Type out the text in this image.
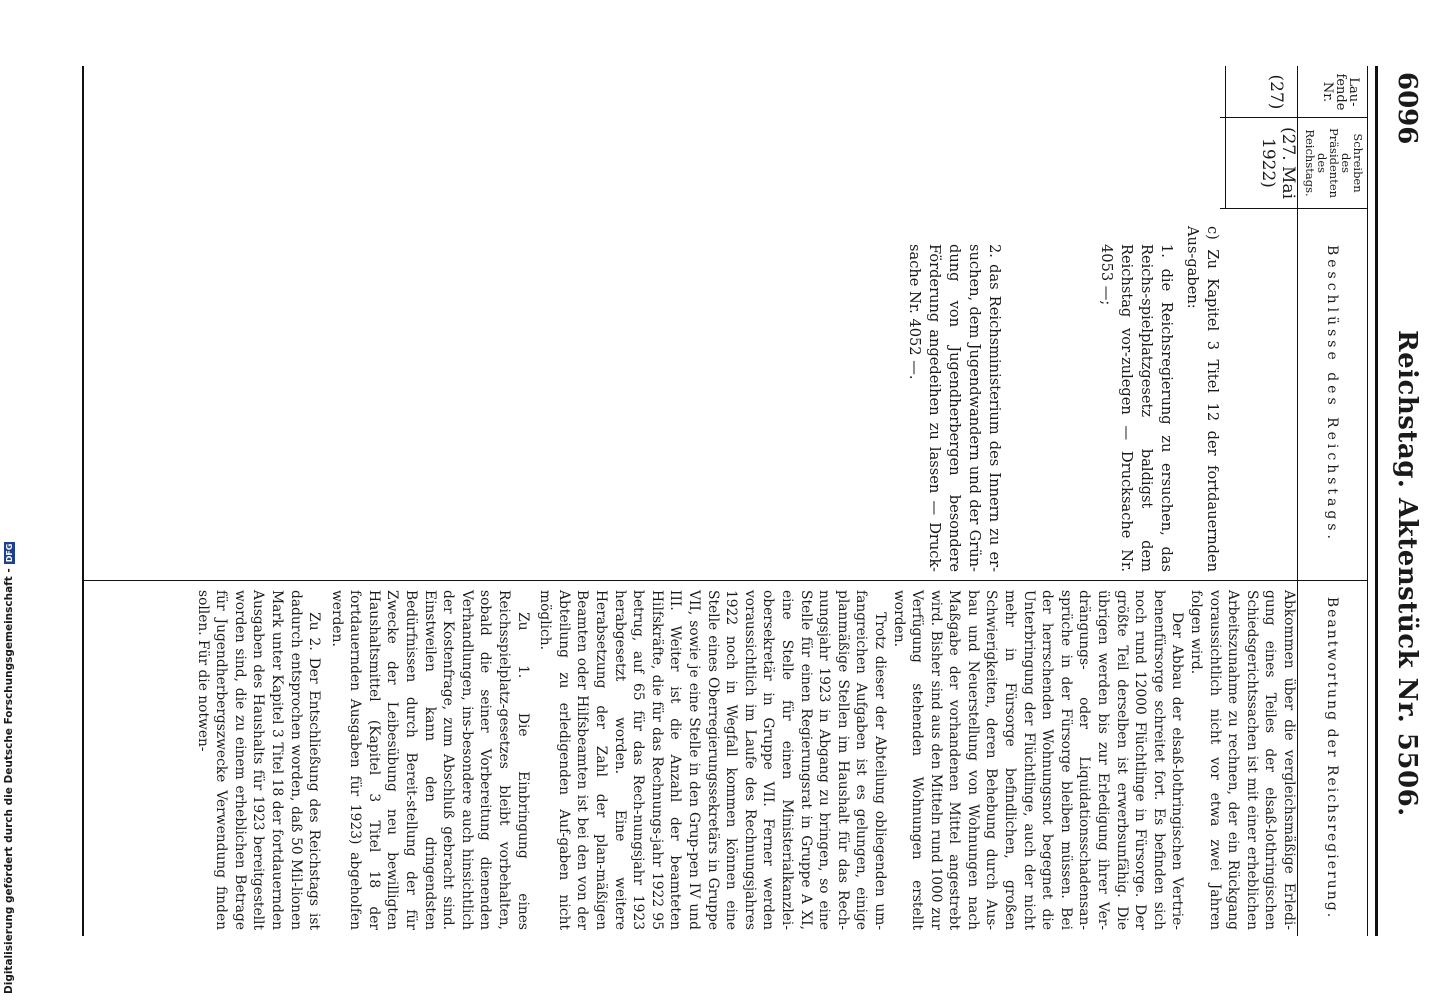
6096
Reichstag. Aktenstück Nr. 5506.
Lau-
fende
Nr.
Schreiben
des
Präsidenten
des
Reichstags.
Beschlüsse des Reichstags.
Beantwortung der Reichsregierung.
(27)
(27. Mai
1922)

c) Zu Kapitel 3 Titel 12 der fortdauernden Aus-gaben:

1. die Reichsregierung zu ersuchen, das Reichs-spielplatzgesetz baldigst dem Reichstag vor-zulegen — Drucksache Nr. 4053 —;

2. das Reichsministerium des Innern zu er-suchen, dem Jugendwandern und der Grün-dung von Jugendherbergen besondere Förderung angedeihen zu lassen — Druck-sache Nr. 4052 —.

Abkommen über die vergleichsmäßige Erledi-gung eines Teiles der elsaß-lothringischen Schiedsgerichtssachen ist mit einer erheblichen Arbeitszunahme zu rechnen, der ein Rückgang voraussichtlich nicht vor etwa zwei Jahren folgen wird.

Der Abbau der elsaß-lothringischen Vertrie-benenfürsorge schreitet fort. Es befinden sich noch rund 12000 Flüchtlinge in Fürsorge. Der größte Teil derselben ist erwerbsunfähig. Die übrigen werden bis zur Erledigung ihrer Ver-drängungs- oder Liquidationsschadensan-sprüche in der Fürsorge bleiben müssen. Bei der herrschenden Wohnungsnot begegnet die Unterbringung der Flüchtlinge, auch der nicht mehr in Fürsorge befindlichen, großen Schwierigkeiten, deren Behebung durch Aus-bau und Neuerstellung von Wohnungen nach Maßgabe der vorhandenen Mittel angestrebt wird. Bisher sind aus den Mitteln rund 1000 zur Verfügung stehenden Wohnungen erstellt worden.

Trotz dieser der Abteilung obliegenden um-fangreichen Aufgaben ist es gelungen, einige planmäßige Stellen im Haushalt für das Rech-nungsjahr 1923 in Abgang zu bringen, so eine Stelle für einen Regierungsrat in Gruppe A XI, eine Stelle für einen Ministerialkanzlei-obersekretär in Gruppe VII. Ferner werden voraussichtlich im Laufe des Rechnungsjahres 1922 noch in Wegfall kommen können eine Stelle eines Oberregierungssekretärs in Gruppe VII, sowie je eine Stelle in den Grup-pen IV und III. Weiter ist die Anzahl der beamteten Hilfskräfte, die für das Rechnungs-jahr 1922 95 betrug, auf 65 für das Rech-nungsjahr 1923 herabgesetzt worden. Eine weitere Herabsetzung der Zahl der plan-mäßigen Beamten oder Hilfsbeamten ist bei den von der Abteilung zu erledigenden Auf-gaben nicht möglich.

Zu 1. Die Einbringung eines Reichsspielplatz-gesetzes bleibt vorbehalten, sobald die seiner Vorbereitung dienenden Verhandlungen, ins-besondere auch hinsichtlich der Kostenfrage, zum Abschluß gebracht sind. Einstweilen kann den dringendsten Bedürfnissen durch Bereit-stellung der für Zwecke der Leibesübung neu bewilligten Haushaltsmittel (Kapitel 3 Titel 18 der fortdauernden Ausgaben für 1923) abgeholfen werden.

Zu 2. Der Entschließung des Reichstags ist dadurch entsprochen worden, daß 50 Mil-lionen Mark unter Kapitel 3 Titel 18 der fortdauernden Ausgaben des Haushalts für 1923 bereitgestellt worden sind, die zu einem erheblichen Betrage für Jugendherbergszwecke Verwendung finden sollen. Für die notwen-

Digitalisierung gefördert durch die Deutsche Forschungsgemeinschaft -DFG
